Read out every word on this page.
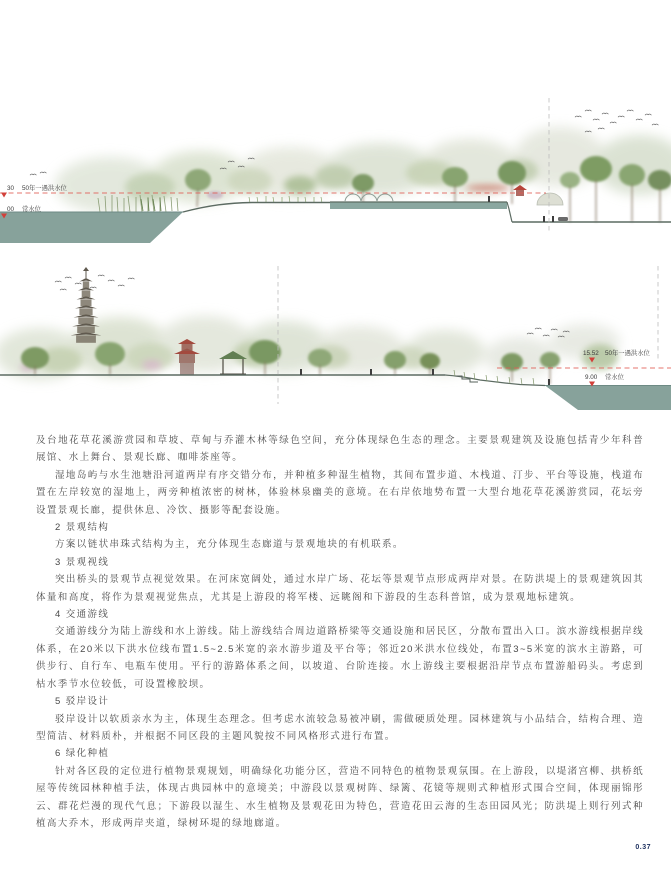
30 50年一遇洪水位
00 常水位
15.52 50年一遇洪水位
9.00 常水位

及台地花草花溪游赏园和草坡、草甸与乔灌木林等绿色空间，充分体现绿色生态的理念。主要景观建筑及设施包括青少年科普展馆、水上舞台、景观长廊、咖啡茶座等。

湿地岛屿与水生池塘沿河道两岸有序交错分布，并种植多种湿生植物，其间布置步道、木栈道、汀步、平台等设施，栈道布置在左岸较宽的湿地上，两旁种植浓密的树林，体验林泉幽美的意境。在右岸依地势布置一大型台地花草花溪游赏园，花坛旁设置景观长廊，提供休息、冷饮、摄影等配套设施。

2 景观结构

方案以链状串珠式结构为主，充分体现生态廊道与景观地块的有机联系。

3 景观视线

突出桥头的景观节点视觉效果。在河床宽阔处，通过水岸广场、花坛等景观节点形成两岸对景。在防洪堤上的景观建筑因其体量和高度，将作为景观视觉焦点，尤其是上游段的将军楼、远眺阁和下游段的生态科普馆，成为景观地标建筑。

4 交通游线

交通游线分为陆上游线和水上游线。陆上游线结合周边道路桥梁等交通设施和居民区，分散布置出入口。滨水游线根据岸线体系，在20米以下洪水位线布置1.5~2.5米宽的亲水游步道及平台等；邻近20米洪水位线处，布置3~5米宽的滨水主游路，可供步行、自行车、电瓶车使用。平行的游路体系之间，以坡道、台阶连接。水上游线主要根据沿岸节点布置游船码头。考虑到枯水季节水位较低，可设置橡胶坝。

5 驳岸设计

驳岸设计以软质亲水为主，体现生态理念。但考虑水流较急易被冲刷，需做硬质处理。园林建筑与小品结合，结构合理、造型简洁、材料质朴，并根据不同区段的主题风貌按不同风格形式进行布置。

6 绿化种植

针对各区段的定位进行植物景观规划，明确绿化功能分区，营造不同特色的植物景观氛围。在上游段，以堤渚宫柳、拱桥纸屋等传统园林种植手法，体现古典园林中的意境美；中游段以景观树阵、绿篱、花镜等规则式种植形式围合空间，体现丽锦彤云、群花烂漫的现代气息；下游段以湿生、水生植物及景观花田为特色，营造花田云海的生态田园风光；防洪堤上则行列式种植高大乔木，形成两岸夹道，绿树环堤的绿地廊道。

0.37
